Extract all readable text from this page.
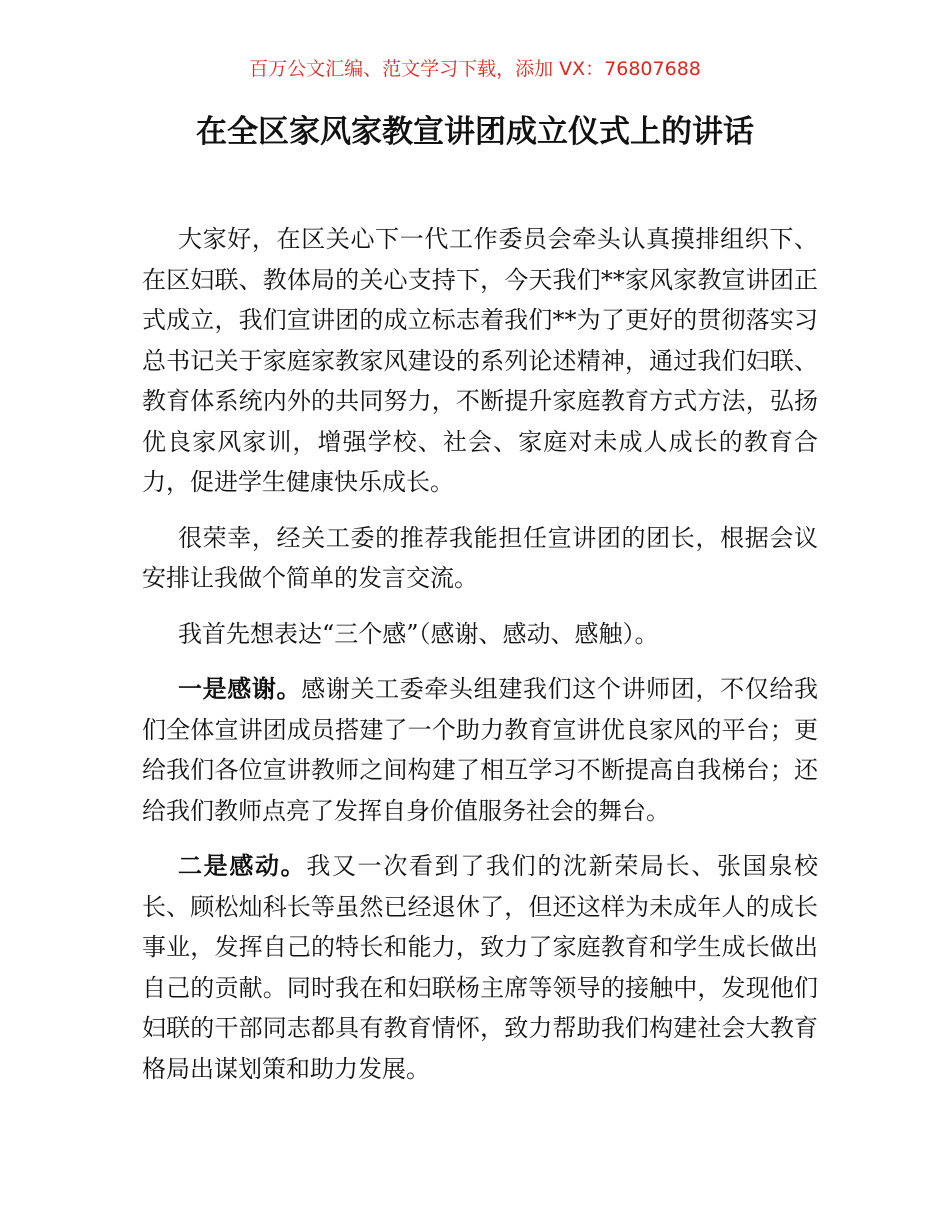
百万公文汇编、范文学习下载，添加 VX：76807688
在全区家风家教宣讲团成立仪式上的讲话

大家好，在区关心下一代工作委员会牵头认真摸排组织下、在区妇联、教体局的关心支持下，今天我们**家风家教宣讲团正式成立，我们宣讲团的成立标志着我们**为了更好的贯彻落实习总书记关于家庭家教家风建设的系列论述精神，通过我们妇联、教育体系统内外的共同努力，不断提升家庭教育方式方法，弘扬优良家风家训，增强学校、社会、家庭对未成人成长的教育合力，促进学生健康快乐成长。

很荣幸，经关工委的推荐我能担任宣讲团的团长，根据会议安排让我做个简单的发言交流。

我首先想表达“三个感”（感谢、感动、感触）。

一是感谢。感谢关工委牵头组建我们这个讲师团，不仅给我们全体宣讲团成员搭建了一个助力教育宣讲优良家风的平台；更给我们各位宣讲教师之间构建了相互学习不断提高自我梯台；还给我们教师点亮了发挥自身价值服务社会的舞台。

二是感动。我又一次看到了我们的沈新荣局长、张国泉校长、顾松灿科长等虽然已经退休了，但还这样为未成年人的成长事业，发挥自己的特长和能力，致力了家庭教育和学生成长做出自己的贡献。同时我在和妇联杨主席等领导的接触中，发现他们妇联的干部同志都具有教育情怀，致力帮助我们构建社会大教育格局出谋划策和助力发展。
